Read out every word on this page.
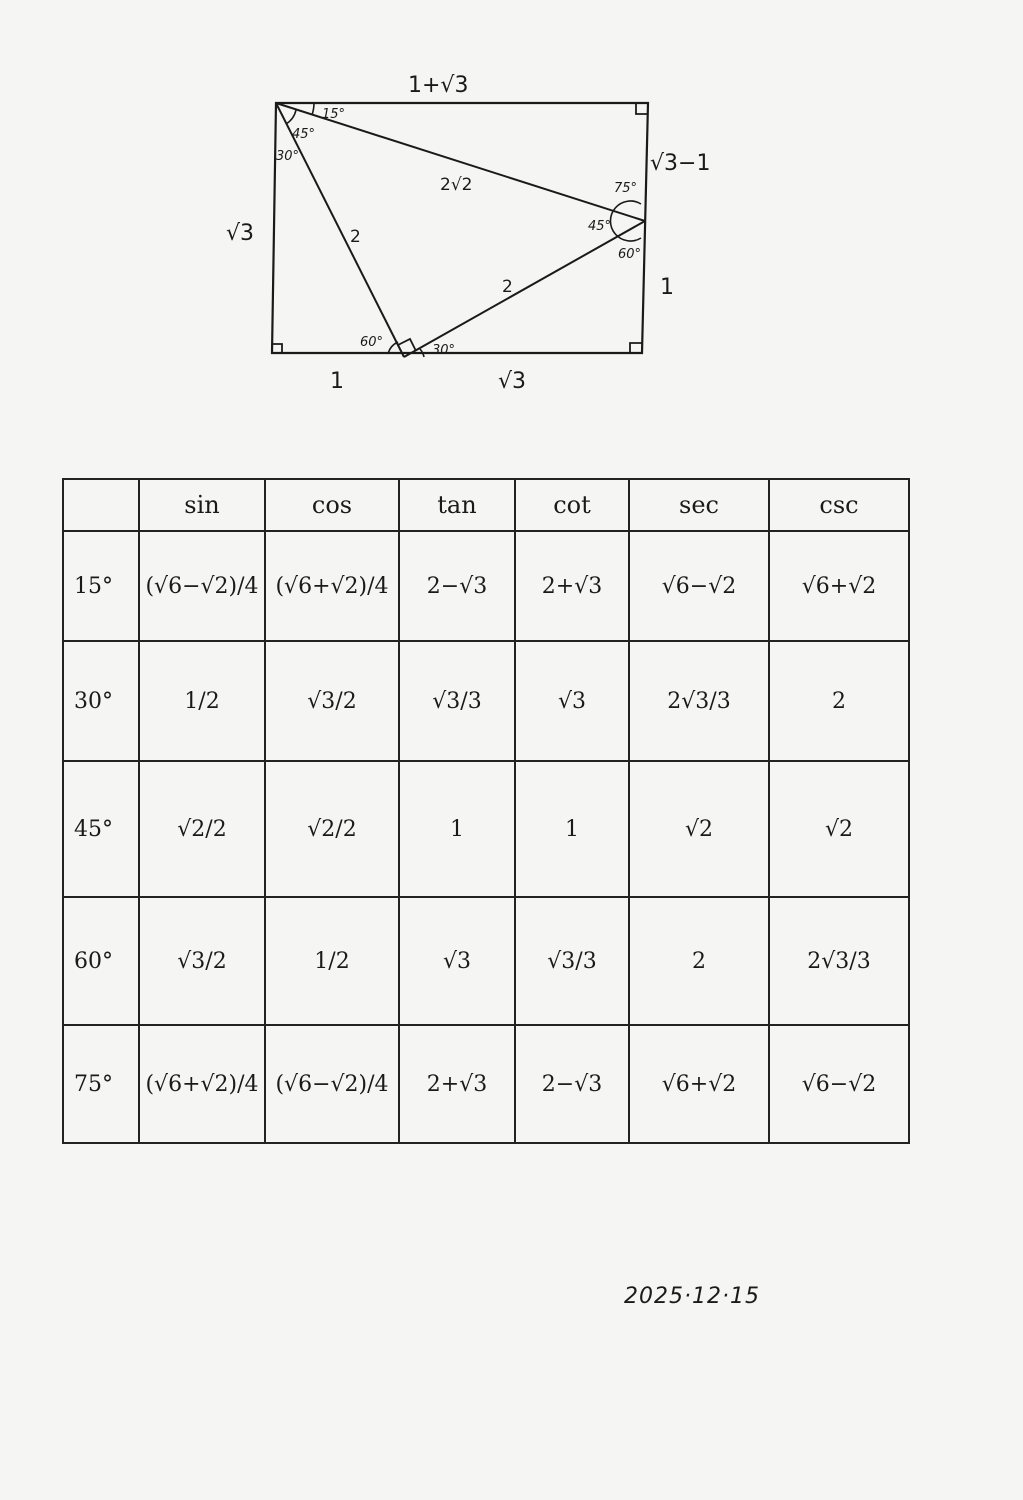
1+√3
√3
√3−1
1
1	√3
2√2
2
2
15°
45°
30°
75°
45°
60°
60°
30°
	sin	cos	tan	cot	sec	csc
15°	(√6−√2)/4	(√6+√2)/4	2−√3	2+√3	√6−√2	√6+√2
30°	1/2	√3/2	√3/3	√3	2√3/3	2
45°	√2/2	√2/2	1	1	√2	√2
60°	√3/2	1/2	√3	√3/3	2	2√3/3
75°	(√6+√2)/4	(√6−√2)/4	2+√3	2−√3	√6+√2	√6−√2
2025·12·15
